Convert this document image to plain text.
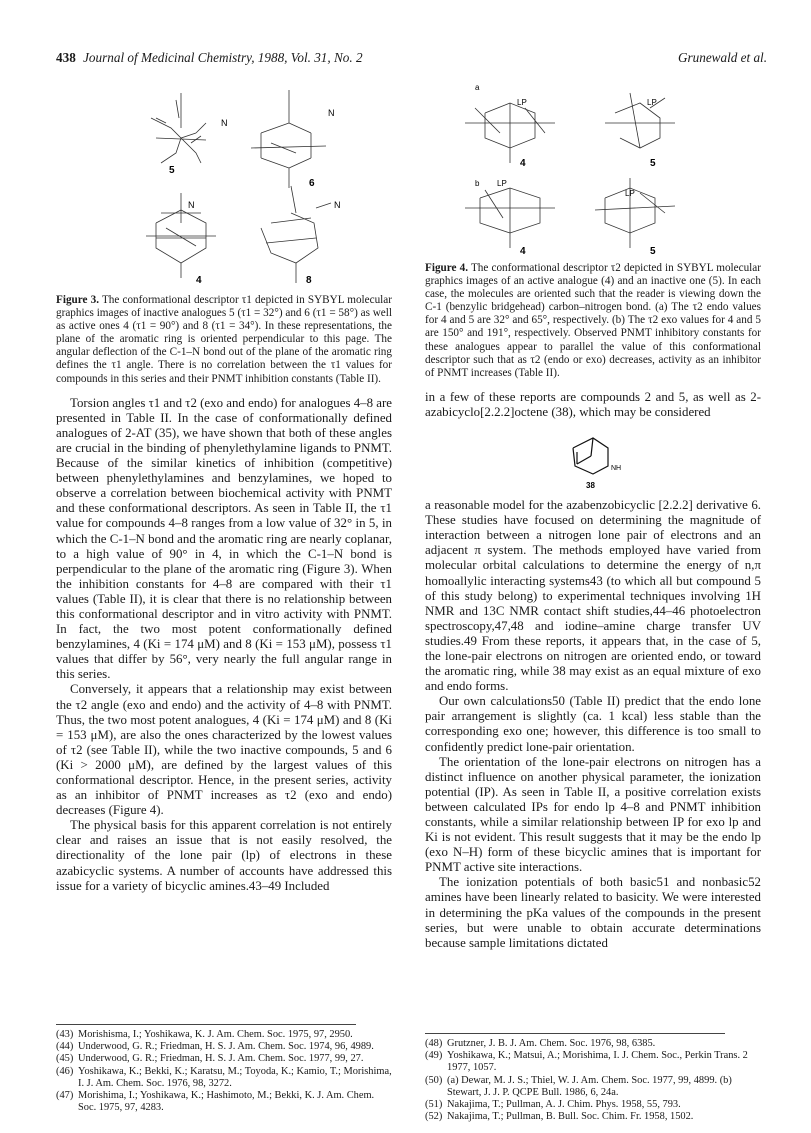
438 Journal of Medicinal Chemistry, 1988, Vol. 31, No. 2	Grunewald et al.
N
N
N	N
5
6
4	8
Figure 3. The conformational descriptor τ1 depicted in SYBYL molecular graphics images of inactive analogues 5 (τ1 = 32°) and 6 (τ1 = 58°) as well as active ones 4 (τ1 = 90°) and 8 (τ1 = 34°). In these representations, the plane of the aromatic ring is oriented perpendicular to this page. The angular deflection of the C-1–N bond out of the plane of the aromatic ring defines the τ1 angle. There is no correlation between the τ1 values for compounds in this series and their PNMT inhibition constants (Table II).

Torsion angles τ1 and τ2 (exo and endo) for analogues 4–8 are presented in Table II. In the case of conformationally defined analogues of 2-AT (35), we have shown that both of these angles are crucial in the binding of phenylethylamine ligands to PNMT. Because of the similar kinetics of inhibition (competitive) between phenylethylamines and benzylamines, we hoped to observe a correlation between biochemical activity with PNMT and these conformational descriptors. As seen in Table II, the τ1 value for compounds 4–8 ranges from a low value of 32° in 5, in which the C-1–N bond and the aromatic ring are nearly coplanar, to a high value of 90° in 4, in which the C-1–N bond is perpendicular to the plane of the aromatic ring (Figure 3). When the inhibition constants for 4–8 are compared with their τ1 values (Table II), it is clear that there is no relationship between this conformational descriptor and in vitro activity with PNMT. In fact, the two most potent conformationally defined benzylamines, 4 (Ki = 174 μM) and 8 (Ki = 153 μM), possess τ1 values that differ by 56°, very nearly the full angular range in this series.

Conversely, it appears that a relationship may exist between the τ2 angle (exo and endo) and the activity of 4–8 with PNMT. Thus, the two most potent analogues, 4 (Ki = 174 μM) and 8 (Ki = 153 μM), are also the ones characterized by the lowest values of τ2 (see Table II), while the two inactive compounds, 5 and 6 (Ki > 2000 μM), are defined by the largest values of this conformational descriptor. Hence, in the present series, activity as an inhibitor of PNMT increases as τ2 (exo and endo) decreases (Figure 4).

The physical basis for this apparent correlation is not entirely clear and raises an issue that is not easily resolved, the directionality of the lone pair (lp) of electrons in these azabicyclic systems. A number of accounts have addressed this issue for a variety of bicyclic amines.43–49 Included

a
b
LP	LP
LP
LP
4	5
4	5
Figure 4. The conformational descriptor τ2 depicted in SYBYL molecular graphics images of an active analogue (4) and an inactive one (5). In each case, the molecules are oriented such that the reader is viewing down the C-1 (benzylic bridgehead) carbon–nitrogen bond. (a) The τ2 endo values for 4 and 5 are 32° and 65°, respectively. (b) The τ2 exo values for 4 and 5 are 150° and 191°, respectively. Observed PNMT inhibitory constants for these analogues appear to parallel the value of this conformational descriptor such that as τ2 (endo or exo) decreases, activity as an inhibitor of PNMT increases (Table II).

in a few of these reports are compounds 2 and 5, as well as 2-azabicyclo[2.2.2]octene (38), which may be considered

NH
38

a reasonable model for the azabenzobicyclic [2.2.2] derivative 6. These studies have focused on determining the magnitude of interaction between a nitrogen lone pair of electrons and an adjacent π system. The methods employed have varied from molecular orbital calculations to determine the energy of n,π homoallylic interacting systems43 (to which all but compound 5 of this study belong) to experimental techniques involving 1H NMR and 13C NMR contact shift studies,44–46 photoelectron spectroscopy,47,48 and iodine–amine charge transfer UV studies.49 From these reports, it appears that, in the case of 5, the lone-pair electrons on nitrogen are oriented endo, or toward the aromatic ring, while 38 may exist as an equal mixture of exo and endo forms.

Our own calculations50 (Table II) predict that the endo lone pair arrangement is slightly (ca. 1 kcal) less stable than the corresponding exo one; however, this difference is too small to confidently predict lone-pair orientation.

The orientation of the lone-pair electrons on nitrogen has a distinct influence on another physical parameter, the ionization potential (IP). As seen in Table II, a positive correlation exists between calculated IPs for endo lp 4–8 and PNMT inhibition constants, while a similar relationship between IP for exo lp and Ki is not evident. This result suggests that it may be the endo lp (exo N–H) form of these bicyclic amines that is important for PNMT active site interactions.

The ionization potentials of both basic51 and nonbasic52 amines have been linearly related to basicity. We were interested in determining the pKa values of the compounds in the present series, but were unable to obtain accurate determinations because sample limitations dictated

(43) Morishisma, I.; Yoshikawa, K. J. Am. Chem. Soc. 1975, 97, 2950.

(44) Underwood, G. R.; Friedman, H. S. J. Am. Chem. Soc. 1974, 96, 4989.

(45) Underwood, G. R.; Friedman, H. S. J. Am. Chem. Soc. 1977, 99, 27.

(46) Yoshikawa, K.; Bekki, K.; Karatsu, M.; Toyoda, K.; Kamio, T.; Morishima, I. J. Am. Chem. Soc. 1976, 98, 3272.

(47) Morishima, I.; Yoshikawa, K.; Hashimoto, M.; Bekki, K. J. Am. Chem. Soc. 1975, 97, 4283.

(48) Grutzner, J. B. J. Am. Chem. Soc. 1976, 98, 6385.

(49) Yoshikawa, K.; Matsui, A.; Morishima, I. J. Chem. Soc., Perkin Trans. 2 1977, 1057.

(50) (a) Dewar, M. J. S.; Thiel, W. J. Am. Chem. Soc. 1977, 99, 4899. (b) Stewart, J. J. P. QCPE Bull. 1986, 6, 24a.

(51) Nakajima, T.; Pullman, A. J. Chim. Phys. 1958, 55, 793.

(52) Nakajima, T.; Pullman, B. Bull. Soc. Chim. Fr. 1958, 1502.
